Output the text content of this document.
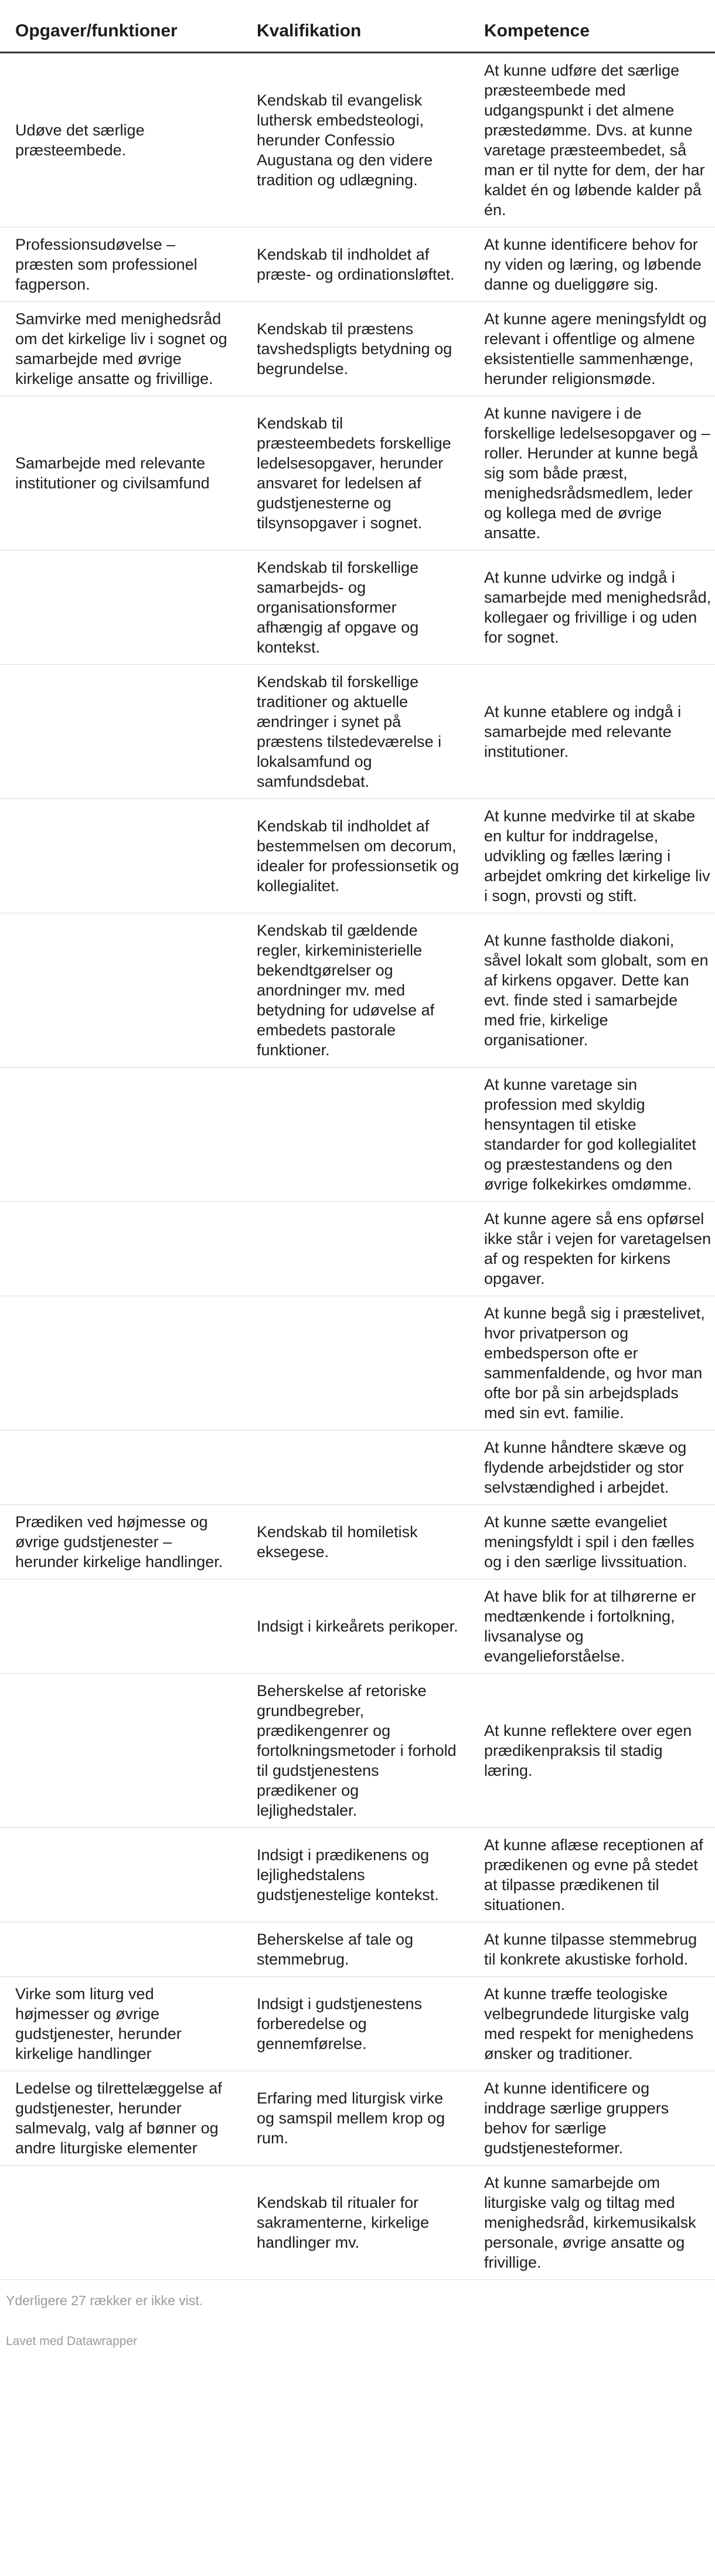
Opgaver/funktioner	Kvalifikation	Kompetence
Udøve det særlige præsteembede.	Kendskab til evangelisk luthersk embedsteologi, herunder Confessio Augustana og den videre tradition og udlægning.	At kunne udføre det særlige præsteembede med udgangspunkt i det almene præstedømme. Dvs. at kunne varetage præsteembedet, så man er til nytte for dem, der har kaldet én og løbende kalder på én.
Professionsudøvelse – præsten som professionel fagperson.	Kendskab til indholdet af præste- og ordinationsløftet.	At kunne identificere behov for ny viden og læring, og løbende danne og dueliggøre sig.
Samvirke med menighedsråd om det kirkelige liv i sognet og samarbejde med øvrige kirkelige ansatte og frivillige.	Kendskab til præstens tavshedspligts betydning og begrundelse.	At kunne agere meningsfyldt og relevant i offentlige og almene eksistentielle sammenhænge, herunder religionsmøde.
Samarbejde med relevante institutioner og civilsamfund	Kendskab til præsteembedets forskellige ledelsesopgaver, herunder ansvaret for ledelsen af gudstjenesterne og tilsynsopgaver i sognet.	At kunne navigere i de forskellige ledelsesopgaver og –roller. Herunder at kunne begå sig som både præst, menighedsrådsmedlem, leder og kollega med de øvrige ansatte.
	Kendskab til forskellige samarbejds- og organisationsformer afhængig af opgave og kontekst.	At kunne udvirke og indgå i samarbejde med menighedsråd, kollegaer og frivillige i og uden for sognet.
	Kendskab til forskellige traditioner og aktuelle ændringer i synet på præstens tilstedeværelse i lokalsamfund og samfundsdebat.	At kunne etablere og indgå i samarbejde med relevante institutioner.
	Kendskab til indholdet af bestemmelsen om decorum, idealer for professionsetik og kollegialitet.	At kunne medvirke til at skabe en kultur for inddragelse, udvikling og fælles læring i arbejdet omkring det kirkelige liv i sogn, provsti og stift.
	Kendskab til gældende regler, kirkeministerielle bekendtgørelser og anordninger mv. med betydning for udøvelse af embedets pastorale funktioner.	At kunne fastholde diakoni, såvel lokalt som globalt, som en af kirkens opgaver. Dette kan evt. finde sted i samarbejde med frie, kirkelige organisationer.
		At kunne varetage sin profession med skyldig hensyntagen til etiske standarder for god kollegialitet og præstestandens og den øvrige folkekirkes omdømme.
		At kunne agere så ens opførsel ikke står i vejen for varetagelsen af og respekten for kirkens opgaver.
		At kunne begå sig i præstelivet, hvor privatperson og embedsperson ofte er sammenfaldende, og hvor man ofte bor på sin arbejdsplads med sin evt. familie.
		At kunne håndtere skæve og flydende arbejdstider og stor selvstændighed i arbejdet.
Prædiken ved højmesse og øvrige gudstjenester – herunder kirkelige handlinger.	Kendskab til homiletisk eksegese.	At kunne sætte evangeliet meningsfyldt i spil i den fælles og i den særlige livssituation.
	Indsigt i kirkeårets perikoper.	At have blik for at tilhørerne er medtænkende i fortolkning, livsanalyse og evangelieforståelse.
	Beherskelse af retoriske grundbegreber, prædikengenrer og fortolkningsmetoder i forhold til gudstjenestens prædikener og lejlighedstaler.	At kunne reflektere over egen prædikenpraksis til stadig læring.
	Indsigt i prædikenens og lejlighedstalens gudstjenestelige kontekst.	At kunne aflæse receptionen af prædikenen og evne på stedet at tilpasse prædikenen til situationen.
	Beherskelse af tale og stemmebrug.	At kunne tilpasse stemmebrug til konkrete akustiske forhold.
Virke som liturg ved højmesser og øvrige gudstjenester, herunder kirkelige handlinger	Indsigt i gudstjenestens forberedelse og gennemførelse.	At kunne træffe teologiske velbegrundede liturgiske valg med respekt for menighedens ønsker og traditioner.
Ledelse og tilrettelæggelse af gudstjenester, herunder salmevalg, valg af bønner og andre liturgiske elementer	Erfaring med liturgisk virke og samspil mellem krop og rum.	At kunne identificere og inddrage særlige gruppers behov for særlige gudstjenesteformer.
	Kendskab til ritualer for sakramenterne, kirkelige handlinger mv.	At kunne samarbejde om liturgiske valg og tiltag med menighedsråd, kirkemusikalsk personale, øvrige ansatte og frivillige.
Yderligere 27 rækker er ikke vist.
Lavet med Datawrapper
